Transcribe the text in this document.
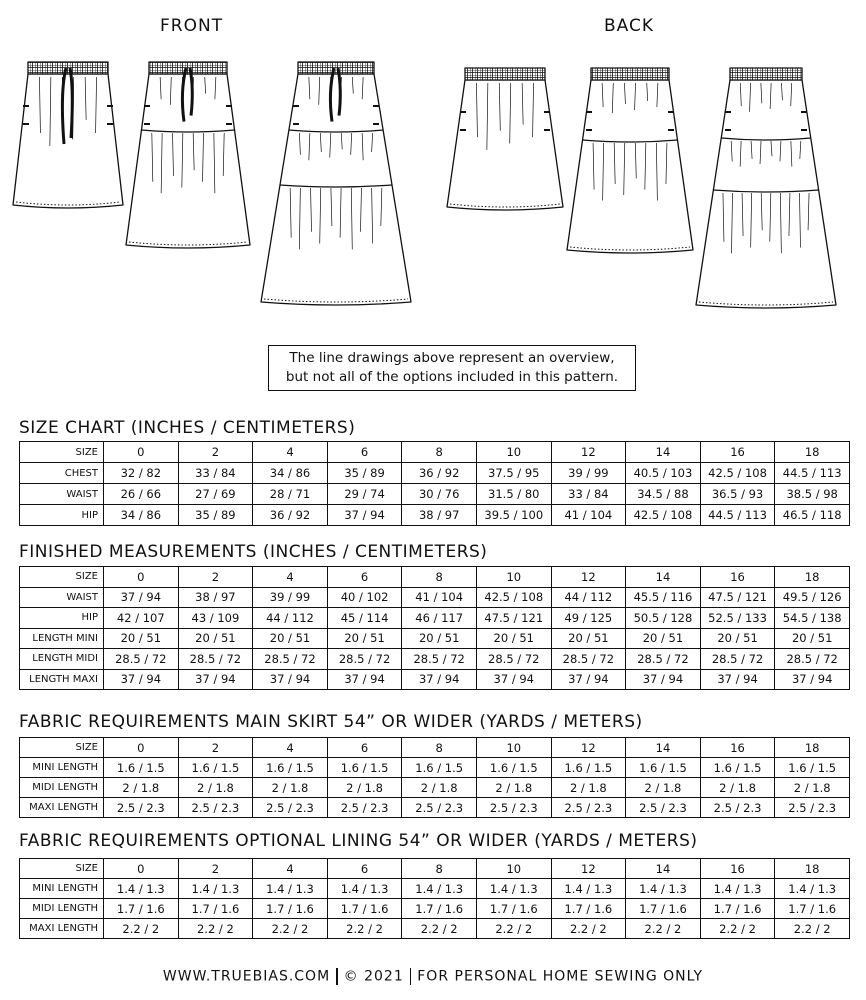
FRONT	BACK
The line drawings above represent an overview,
but not all of the options included in this pattern.
SIZE CHART (INCHES / CENTIMETERS)
SIZE	0	2	4	6	8	10	12	14	16	18
CHEST	32 / 82	33 / 84	34 / 86	35 / 89	36 / 92	37.5 / 95	39 / 99	40.5 / 103	42.5 / 108	44.5 / 113
WAIST	26 / 66	27 / 69	28 / 71	29 / 74	30 / 76	31.5 / 80	33 / 84	34.5 / 88	36.5 / 93	38.5 / 98
HIP	34 / 86	35 / 89	36 / 92	37 / 94	38 / 97	39.5 / 100	41 / 104	42.5 / 108	44.5 / 113	46.5 / 118
FINISHED MEASUREMENTS (INCHES / CENTIMETERS)
SIZE	0	2	4	6	8	10	12	14	16	18
WAIST	37 / 94	38 / 97	39 / 99	40 / 102	41 / 104	42.5 / 108	44 / 112	45.5 / 116	47.5 / 121	49.5 / 126
HIP	42 / 107	43 / 109	44 / 112	45 / 114	46 / 117	47.5 / 121	49 / 125	50.5 / 128	52.5 / 133	54.5 / 138
LENGTH MINI	20 / 51	20 / 51	20 / 51	20 / 51	20 / 51	20 / 51	20 / 51	20 / 51	20 / 51	20 / 51
LENGTH MIDI	28.5 / 72	28.5 / 72	28.5 / 72	28.5 / 72	28.5 / 72	28.5 / 72	28.5 / 72	28.5 / 72	28.5 / 72	28.5 / 72
LENGTH MAXI	37 / 94	37 / 94	37 / 94	37 / 94	37 / 94	37 / 94	37 / 94	37 / 94	37 / 94	37 / 94
FABRIC REQUIREMENTS MAIN SKIRT 54” OR WIDER (YARDS / METERS)
SIZE	0	2	4	6	8	10	12	14	16	18
MINI LENGTH	1.6 / 1.5	1.6 / 1.5	1.6 / 1.5	1.6 / 1.5	1.6 / 1.5	1.6 / 1.5	1.6 / 1.5	1.6 / 1.5	1.6 / 1.5	1.6 / 1.5
MIDI LENGTH	2 / 1.8	2 / 1.8	2 / 1.8	2 / 1.8	2 / 1.8	2 / 1.8	2 / 1.8	2 / 1.8	2 / 1.8	2 / 1.8
MAXI LENGTH	2.5 / 2.3	2.5 / 2.3	2.5 / 2.3	2.5 / 2.3	2.5 / 2.3	2.5 / 2.3	2.5 / 2.3	2.5 / 2.3	2.5 / 2.3	2.5 / 2.3
FABRIC REQUIREMENTS OPTIONAL LINING 54” OR WIDER (YARDS / METERS)
SIZE	0	2	4	6	8	10	12	14	16	18
MINI LENGTH	1.4 / 1.3	1.4 / 1.3	1.4 / 1.3	1.4 / 1.3	1.4 / 1.3	1.4 / 1.3	1.4 / 1.3	1.4 / 1.3	1.4 / 1.3	1.4 / 1.3
MIDI LENGTH	1.7 / 1.6	1.7 / 1.6	1.7 / 1.6	1.7 / 1.6	1.7 / 1.6	1.7 / 1.6	1.7 / 1.6	1.7 / 1.6	1.7 / 1.6	1.7 / 1.6
MAXI LENGTH	2.2 / 2	2.2 / 2	2.2 / 2	2.2 / 2	2.2 / 2	2.2 / 2	2.2 / 2	2.2 / 2	2.2 / 2	2.2 / 2
WWW.TRUEBIAS.COM © 2021 FOR PERSONAL HOME SEWING ONLY
